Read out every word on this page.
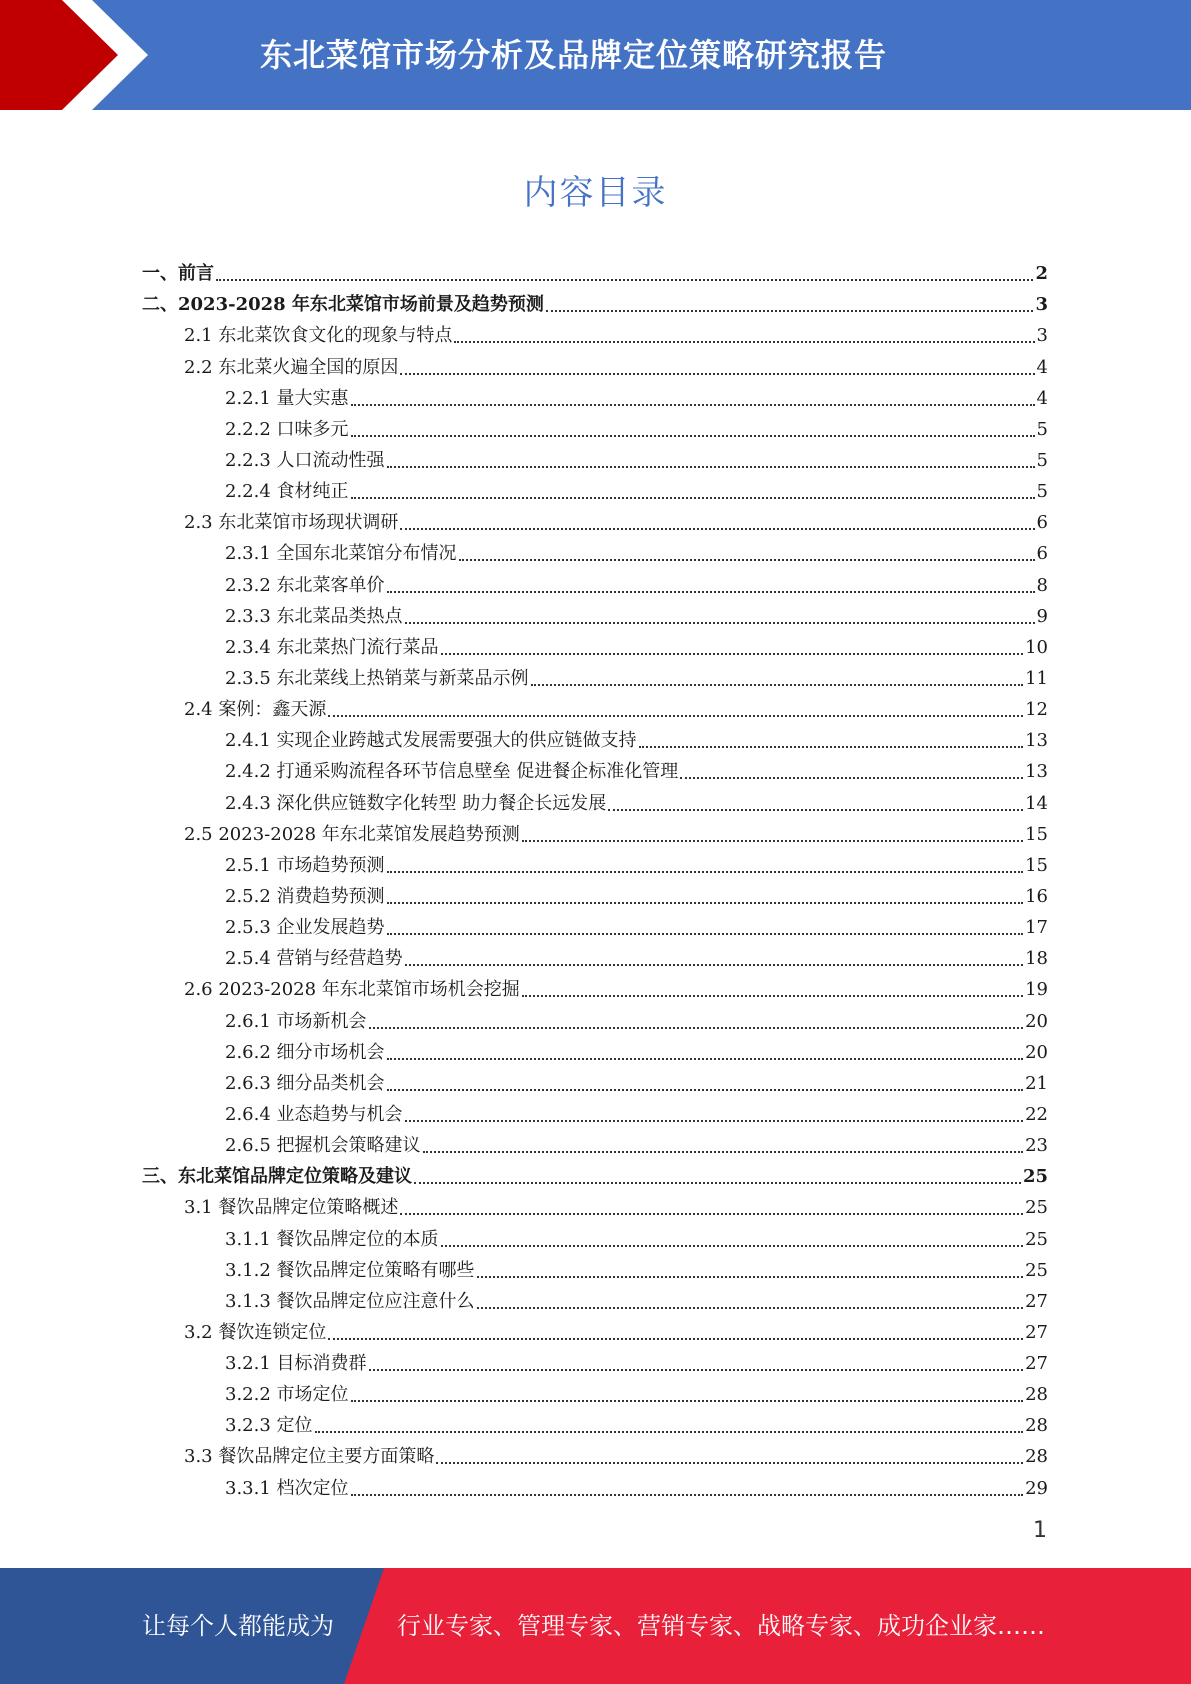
东北菜馆市场分析及品牌定位策略研究报告
内容目录
一、前言	2
二、2023-2028 年东北菜馆市场前景及趋势预测	3
2.1 东北菜饮食文化的现象与特点	3
2.2 东北菜火遍全国的原因	4
2.2.1 量大实惠	4
2.2.2 口味多元	5
2.2.3 人口流动性强	5
2.2.4 食材纯正	5
2.3 东北菜馆市场现状调研	6
2.3.1 全国东北菜馆分布情况	6
2.3.2 东北菜客单价	8
2.3.3 东北菜品类热点	9
2.3.4 东北菜热门流行菜品	10
2.3.5 东北菜线上热销菜与新菜品示例	11
2.4 案例：鑫天源	12
2.4.1 实现企业跨越式发展需要强大的供应链做支持	13
2.4.2 打通采购流程各环节信息壁垒 促进餐企标准化管理	13
2.4.3 深化供应链数字化转型 助力餐企长远发展	14
2.5 2023-2028 年东北菜馆发展趋势预测	15
2.5.1 市场趋势预测	15
2.5.2 消费趋势预测	16
2.5.3 企业发展趋势	17
2.5.4 营销与经营趋势	18
2.6 2023-2028 年东北菜馆市场机会挖掘	19
2.6.1 市场新机会	20
2.6.2 细分市场机会	20
2.6.3 细分品类机会	21
2.6.4 业态趋势与机会	22
2.6.5 把握机会策略建议	23
三、东北菜馆品牌定位策略及建议	25
3.1 餐饮品牌定位策略概述	25
3.1.1 餐饮品牌定位的本质	25
3.1.2 餐饮品牌定位策略有哪些	25
3.1.3 餐饮品牌定位应注意什么	27
3.2 餐饮连锁定位	27
3.2.1 目标消费群	27
3.2.2 市场定位	28
3.2.3 定位	28
3.3 餐饮品牌定位主要方面策略	28
3.3.1 档次定位	29
1
让每个人都能成为	行业专家、管理专家、营销专家、战略专家、成功企业家……
